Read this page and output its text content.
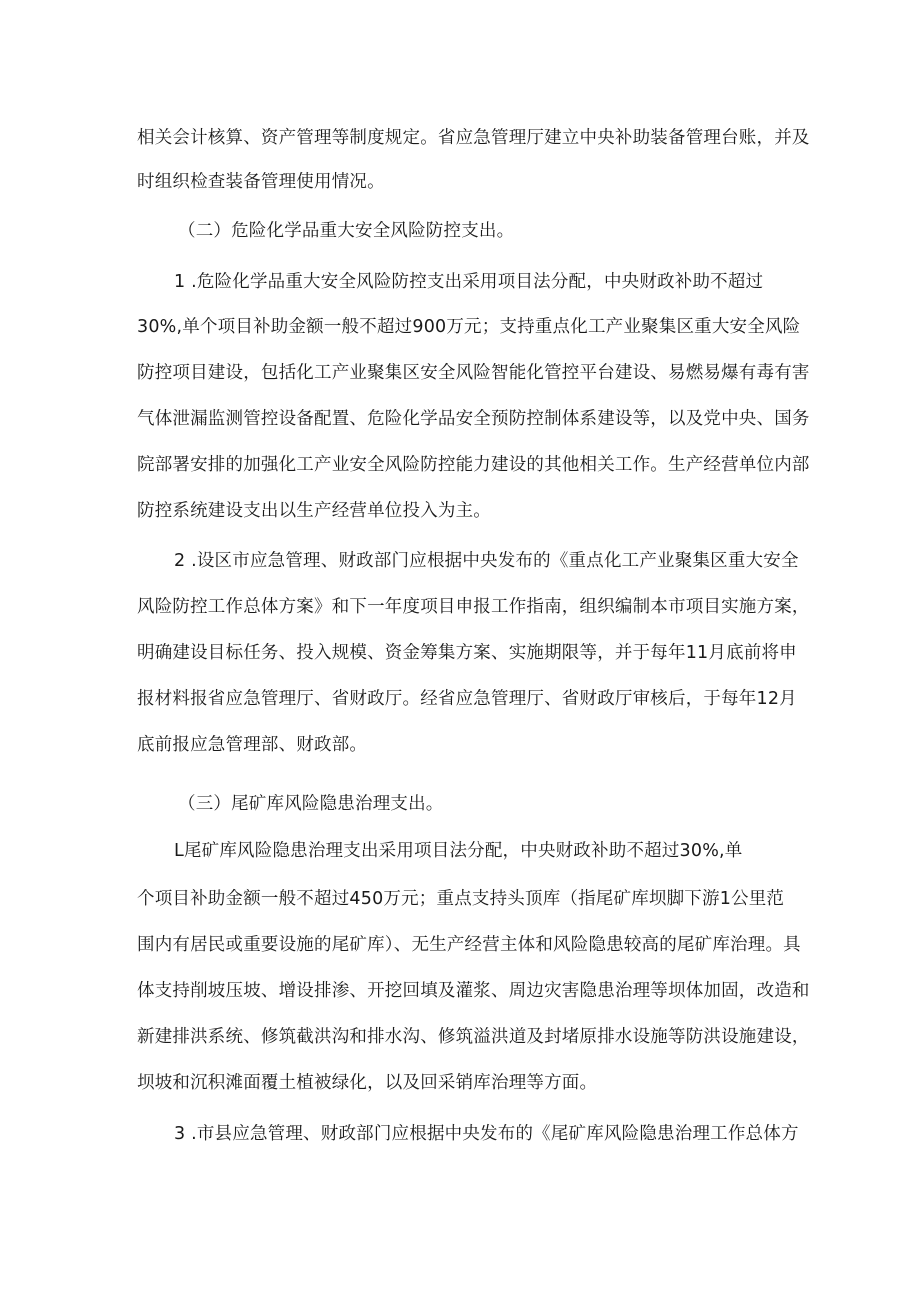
相关会计核算、资产管理等制度规定。省应急管理厅建立中央补助装备管理台账，并及
时组织检查装备管理使用情况。
（二）危险化学品重大安全风险防控支出。
1 .危险化学品重大安全风险防控支出采用项目法分配，中央财政补助不超过
30%,单个项目补助金额一般不超过900万元；支持重点化工产业聚集区重大安全风险
防控项目建设，包括化工产业聚集区安全风险智能化管控平台建设、易燃易爆有毒有害
气体泄漏监测管控设备配置、危险化学品安全预防控制体系建设等，以及党中央、国务
院部署安排的加强化工产业安全风险防控能力建设的其他相关工作。生产经营单位内部
防控系统建设支出以生产经营单位投入为主。
2 .设区市应急管理、财政部门应根据中央发布的《重点化工产业聚集区重大安全
风险防控工作总体方案》和下一年度项目申报工作指南，组织编制本市项目实施方案，
明确建设目标任务、投入规模、资金筹集方案、实施期限等，并于每年11月底前将申
报材料报省应急管理厅、省财政厅。经省应急管理厅、省财政厅审核后，于每年12月
底前报应急管理部、财政部。
（三）尾矿库风险隐患治理支出。
L尾矿库风险隐患治理支出采用项目法分配，中央财政补助不超过30%,单
个项目补助金额一般不超过450万元；重点支持头顶库（指尾矿库坝脚下游1公里范
围内有居民或重要设施的尾矿库）、无生产经营主体和风险隐患较高的尾矿库治理。具
体支持削坡压坡、增设排渗、开挖回填及灌浆、周边灾害隐患治理等坝体加固，改造和
新建排洪系统、修筑截洪沟和排水沟、修筑溢洪道及封堵原排水设施等防洪设施建设，
坝坡和沉积滩面覆土植被绿化，以及回采销库治理等方面。
3 .市县应急管理、财政部门应根据中央发布的《尾矿库风险隐患治理工作总体方
